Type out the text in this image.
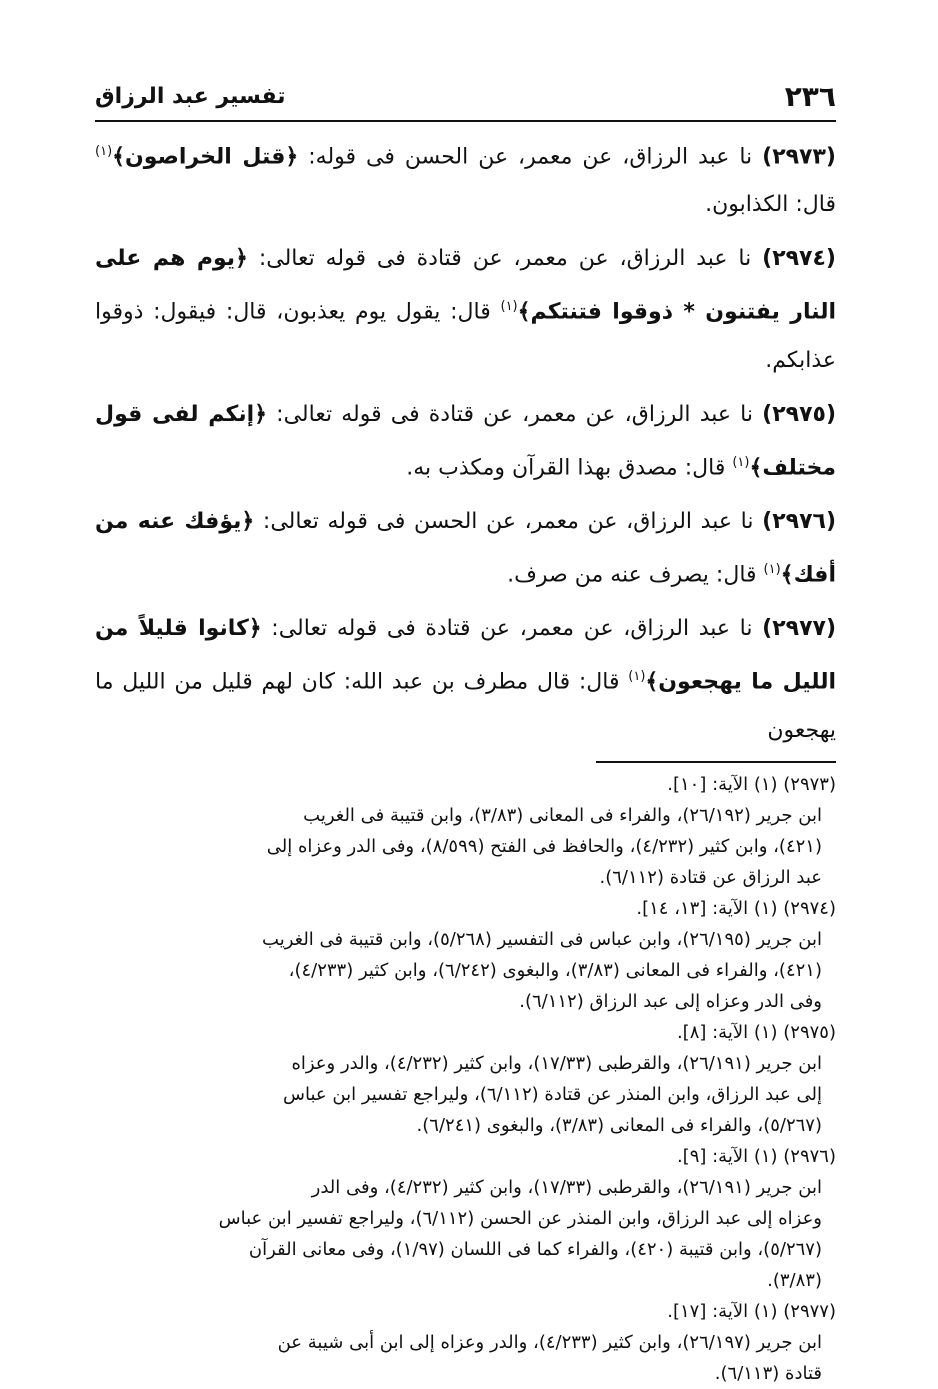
٢٣٦
تفسير عبد الرزاق

(٢٩٧٣) نا عبد الرزاق، عن معمر، عن الحسن فى قوله: ﴿قتل الخراصون﴾$^{(١)}$ قال: الكذابون.

(٢٩٧٤) نا عبد الرزاق، عن معمر، عن قتادة فى قوله تعالى: ﴿يوم هم على النار يفتنون * ذوقوا فتنتكم﴾$^{(١)}$ قال: يقول يوم يعذبون، قال: فيقول: ذوقوا عذابكم.

(٢٩٧٥) نا عبد الرزاق، عن معمر، عن قتادة فى قوله تعالى: ﴿إنكم لفى قول مختلف﴾$^{(١)}$ قال: مصدق بهذا القرآن ومكذب به.

(٢٩٧٦) نا عبد الرزاق، عن معمر، عن الحسن فى قوله تعالى: ﴿يؤفك عنه من أفك﴾$^{(١)}$ قال: يصرف عنه من صرف.

(٢٩٧٧) نا عبد الرزاق، عن معمر، عن قتادة فى قوله تعالى: ﴿كانوا قليلاً من الليل ما يهجعون﴾$^{(١)}$ قال: قال مطرف بن عبد الله: كان لهم قليل من الليل ما يهجعون

(٢٩٧٣) (١) الآية: [١٠].

ابن جرير (٢٦/١٩٢)، والفراء فى المعانى (٣/٨٣)، وابن قتيبة فى الغريب

(٤٢١)، وابن كثير (٤/٢٣٢)، والحافظ فى الفتح (٨/٥٩٩)، وفى الدر وعزاه إلى

عبد الرزاق عن قتادة (٦/١١٢).

(٢٩٧٤) (١) الآية: [١٣، ١٤].

ابن جرير (٢٦/١٩٥)، وابن عباس فى التفسير (٥/٢٦٨)، وابن قتيبة فى الغريب

(٤٢١)، والفراء فى المعانى (٣/٨٣)، والبغوى (٦/٢٤٢)، وابن كثير (٤/٢٣٣)،

وفى الدر وعزاه إلى عبد الرزاق (٦/١١٢).

(٢٩٧٥) (١) الآية: [٨].

ابن جرير (٢٦/١٩١)، والقرطبى (١٧/٣٣)، وابن كثير (٤/٢٣٢)، والدر وعزاه

إلى عبد الرزاق، وابن المنذر عن قتادة (٦/١١٢)، وليراجع تفسير ابن عباس

(٥/٢٦٧)، والفراء فى المعانى (٣/٨٣)، والبغوى (٦/٢٤١).

(٢٩٧٦) (١) الآية: [٩].

ابن جرير (٢٦/١٩١)، والقرطبى (١٧/٣٣)، وابن كثير (٤/٢٣٢)، وفى الدر

وعزاه إلى عبد الرزاق، وابن المنذر عن الحسن (٦/١١٢)، وليراجع تفسير ابن عباس

(٥/٢٦٧)، وابن قتيبة (٤٢٠)، والفراء كما فى اللسان (١/٩٧)، وفى معانى القرآن

(٣/٨٣).

(٢٩٧٧) (١) الآية: [١٧].

ابن جرير (٢٦/١٩٧)، وابن كثير (٤/٢٣٣)، والدر وعزاه إلى ابن أبى شيبة عن

قتادة (٦/١١٣).
